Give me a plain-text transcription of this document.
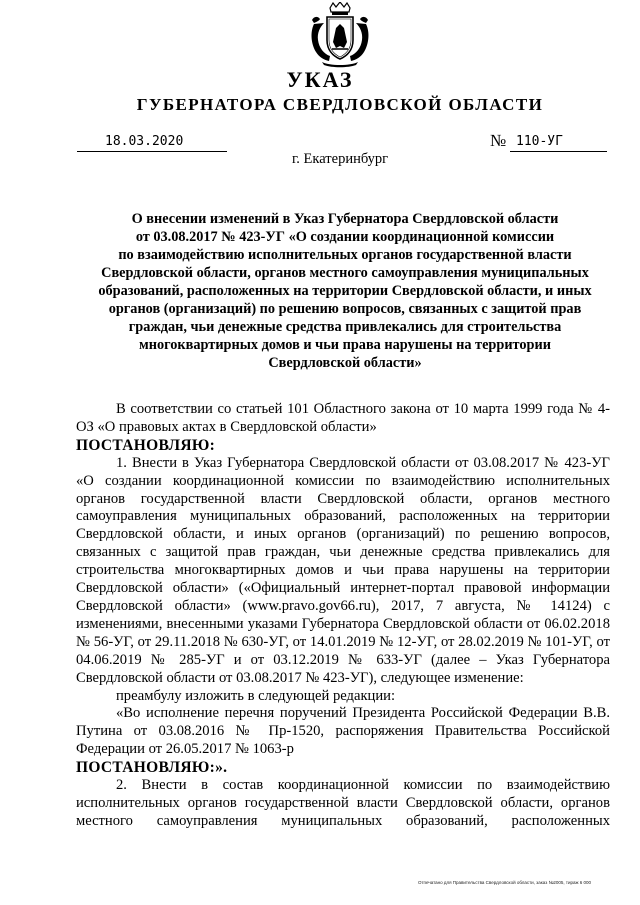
УКАЗ
ГУБЕРНАТОРА СВЕРДЛОВСКОЙ ОБЛАСТИ
18.03.2020	№ 110-УГ
г. Екатеринбург
О внесении изменений в Указ Губернатора Свердловской области
от 03.08.2017 № 423-УГ «О создании координационной комиссии
по взаимодействию исполнительных органов государственной власти
Свердловской области, органов местного самоуправления муниципальных
образований, расположенных на территории Свердловской области, и иных
органов (организаций) по решению вопросов, связанных с защитой прав
граждан, чьи денежные средства привлекались для строительства
многоквартирных домов и чьи права нарушены на территории
Свердловской области»

В соответствии со статьей 101 Областного закона от 10 марта 1999 года № 4-ОЗ «О правовых актах в Свердловской области»

ПОСТАНОВЛЯЮ:

1. Внести в Указ Губернатора Свердловской области от 03.08.2017 № 423-УГ «О создании координационной комиссии по взаимодействию исполнительных органов государственной власти Свердловской области, органов местного самоуправления муниципальных образований, расположенных на территории Свердловской области, и иных органов (организаций) по решению вопросов, связанных с защитой прав граждан, чьи денежные средства привлекались для строительства многоквартирных домов и чьи права нарушены на территории Свердловской области» («Официальный интернет-портал правовой информации Свердловской области» (www.pravo.gov66.ru), 2017, 7 августа, № 14124) с изменениями, внесенными указами Губернатора Свердловской области от 06.02.2018 № 56-УГ, от 29.11.2018 № 630-УГ, от 14.01.2019 № 12-УГ, от 28.02.2019 № 101-УГ, от 04.06.2019 № 285-УГ и от 03.12.2019 № 633-УГ (далее – Указ Губернатора Свердловской области от 03.08.2017 № 423-УГ), следующее изменение:

преамбулу изложить в следующей редакции:

«Во исполнение перечня поручений Президента Российской Федерации В.В. Путина от 03.08.2016 № Пр-1520, распоряжения Правительства Российской Федерации от 26.05.2017 № 1063-р

ПОСТАНОВЛЯЮ:».

2. Внести в состав координационной комиссии по взаимодействию исполнительных органов государственной власти Свердловской области, органов местного самоуправления муниципальных образований, расположенных

Отпечатано для Правительства Свердловской области, заказ №2005, тираж 6 000
